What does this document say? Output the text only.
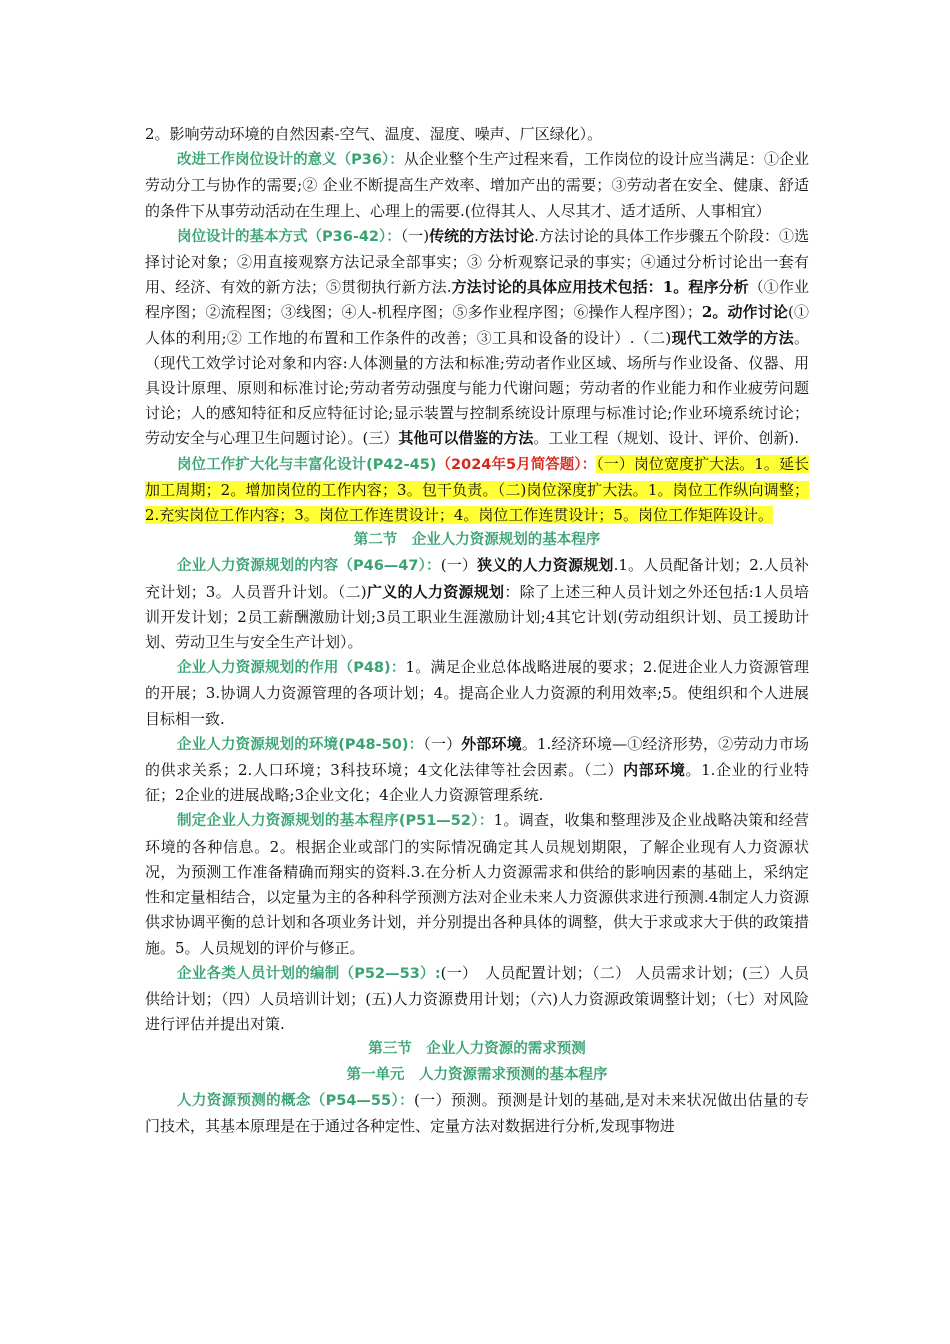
2。影响劳动环境的自然因素-空气、温度、湿度、噪声、厂区绿化）。

改进工作岗位设计的意义（P36）：从企业整个生产过程来看，工作岗位的设计应当满足：①企业劳动分工与协作的需要;② 企业不断提高生产效率、增加产出的需要；③劳动者在安全、健康、舒适的条件下从事劳动活动在生理上、心理上的需要.(位得其人、人尽其才、适才适所、人事相宜）

岗位设计的基本方式（P36-42）：（一)传统的方法讨论.方法讨论的具体工作步骤五个阶段：①选择讨论对象；②用直接观察方法记录全部事实；③ 分析观察记录的事实；④通过分析讨论出一套有用、经济、有效的新方法；⑤贯彻执行新方法.方法讨论的具体应用技术包括：1。程序分析（①作业程序图；②流程图；③线图；④人-机程序图；⑤多作业程序图；⑥操作人程序图）；2。动作讨论(① 人体的利用;② 工作地的布置和工作条件的改善；③工具和设备的设计）.（二)现代工效学的方法。（现代工效学讨论对象和内容:人体测量的方法和标准;劳动者作业区域、场所与作业设备、仪器、用具设计原理、原则和标准讨论;劳动者劳动强度与能力代谢问题；劳动者的作业能力和作业疲劳问题讨论；人的感知特征和反应特征讨论;显示装置与控制系统设计原理与标准讨论;作业环境系统讨论；劳动安全与心理卫生问题讨论）。(三）其他可以借鉴的方法。工业工程（规划、设计、评价、创新).

岗位工作扩大化与丰富化设计(P42-45)（2024年5月简答题）：（一）岗位宽度扩大法。1。延长加工周期；2。增加岗位的工作内容；3。包干负责。（二)岗位深度扩大法。1。岗位工作纵向调整；2.充实岗位工作内容；3。岗位工作连贯设计；4。岗位工作连贯设计；5。岗位工作矩阵设计。

第二节　企业人力资源规划的基本程序

企业人力资源规划的内容（P46—47）：(一）狭义的人力资源规划.1。人员配备计划；2.人员补充计划；3。人员晋升计划。（二)广义的人力资源规划：除了上述三种人员计划之外还包括:1人员培训开发计划；2员工薪酬激励计划;3员工职业生涯激励计划;4其它计划(劳动组织计划、员工援助计划、劳动卫生与安全生产计划）。

企业人力资源规划的作用（P48)：1。满足企业总体战略进展的要求；2.促进企业人力资源管理的开展；3.协调人力资源管理的各项计划；4。提高企业人力资源的利用效率;5。使组织和个人进展目标相一致.

企业人力资源规划的环境(P48-50)：（一）外部环境。1.经济环境—①经济形势，②劳动力市场的供求关系；2.人口环境；3科技环境；4文化法律等社会因素。（二）内部环境。1.企业的行业特征；2企业的进展战略;3企业文化；4企业人力资源管理系统.

制定企业人力资源规划的基本程序(P51—52）：1。调查，收集和整理涉及企业战略决策和经营环境的各种信息。2。根据企业或部门的实际情况确定其人员规划期限，了解企业现有人力资源状况，为预测工作准备精确而翔实的资料.3.在分析人力资源需求和供给的影响因素的基础上，采纳定性和定量相结合，以定量为主的各种科学预测方法对企业未来人力资源供求进行预测.4制定人力资源供求协调平衡的总计划和各项业务计划，并分别提出各种具体的调整，供大于求或求大于供的政策措施。5。人员规划的评价与修正。

企业各类人员计划的编制（P52—53）:(一）　人员配置计划；（二） 人员需求计划；(三）人员供给计划；（四）人员培训计划；(五)人力资源费用计划；（六)人力资源政策调整计划；（七）对风险进行评估并提出对策.

第三节　企业人力资源的需求预测

第一单元　人力资源需求预测的基本程序

人力资源预测的概念（P54—55）：(一）预测。预测是计划的基础,是对未来状况做出估量的专门技术，其基本原理是在于通过各种定性、定量方法对数据进行分析,发现事物进
